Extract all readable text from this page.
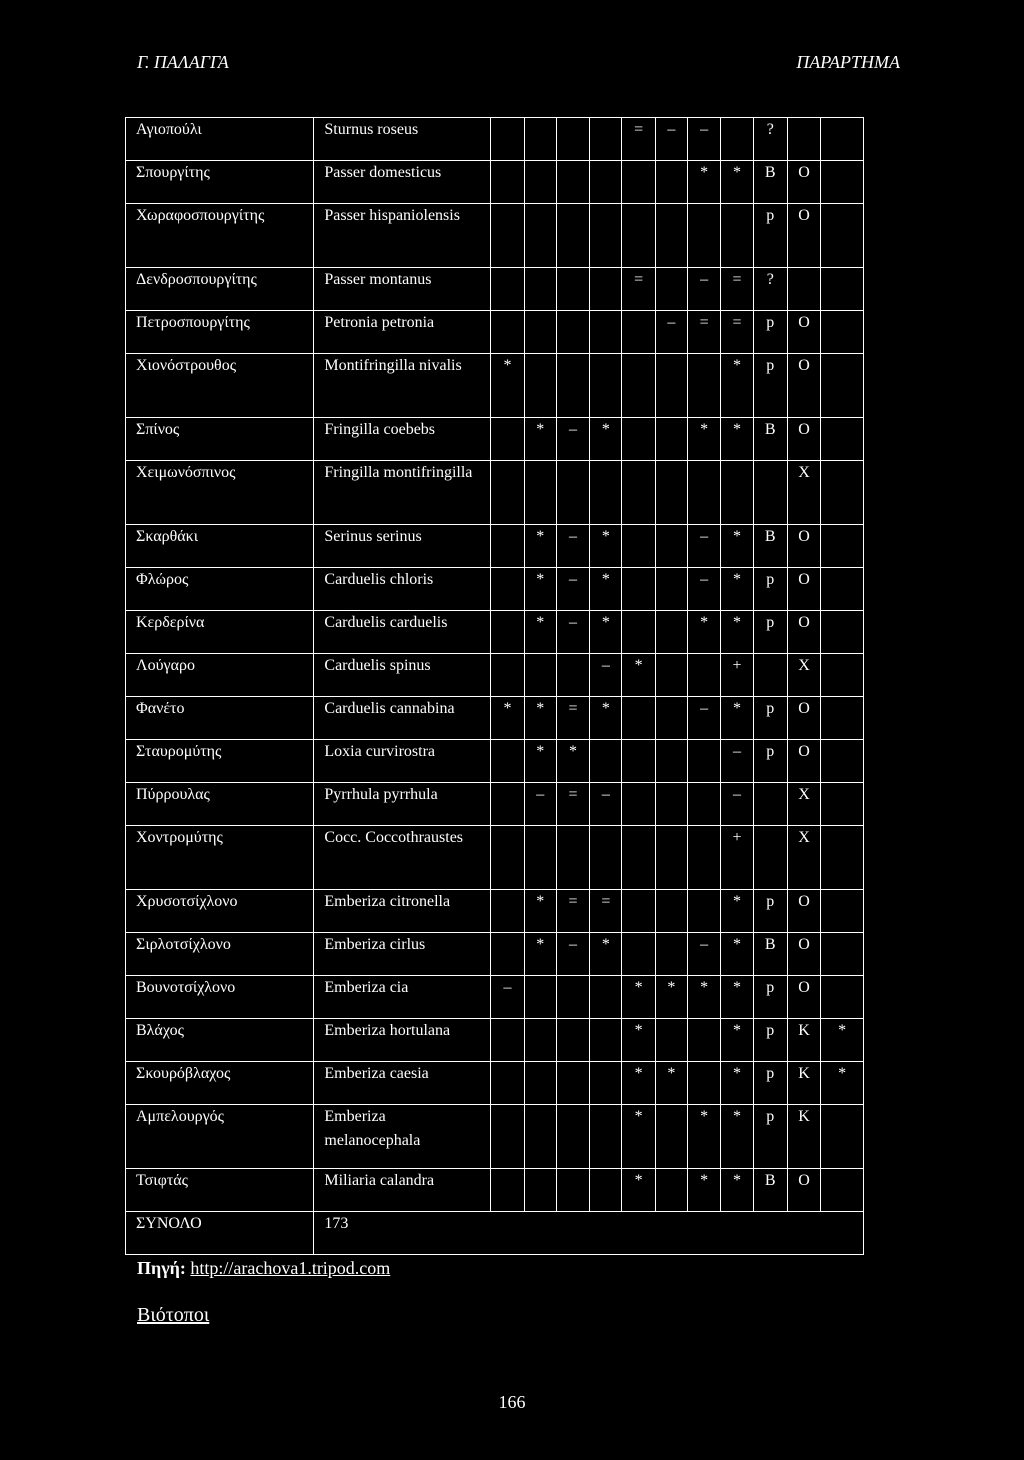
Γ. ΠΑΛΑΓΓΑ	ΠΑΡΑΡΤΗΜΑ
Αγιοπούλι	Sturnus roseus					=	–	–		?		
Σπουργίτης	Passer domesticus							*	*	B	O	
Χωραφοσπουργίτης	Passer hispaniolensis									p	O	
Δενδροσπουργίτης	Passer montanus					=		–	=	?		
Πετροσπουργίτης	Petronia petronia						–	=	=	p	O	
Χιονόστρουθος	Montifringilla nivalis	*							*	p	O	
Σπίνος	Fringilla coebebs		*	–	*			*	*	B	O	
Χειμωνόσπινος	Fringilla montifringilla										X	
Σκαρθάκι	Serinus serinus		*	–	*			–	*	B	O	
Φλώρος	Carduelis chloris		*	–	*			–	*	p	O	
Κερδερίνα	Carduelis carduelis		*	–	*			*	*	p	O	
Λούγαρο	Carduelis spinus				–	*			+		X	
Φανέτο	Carduelis cannabina	*	*	=	*			–	*	p	O	
Σταυρομύτης	Loxia curvirostra		*	*					–	p	O	
Πύρρουλας	Pyrrhula pyrrhula		–	=	–				–		X	
Χοντρομύτης	Cocc. Coccothraustes								+		X	
Χρυσοτσίχλονο	Emberiza citronella		*	=	=				*	p	O	
Σιρλοτσίχλονο	Emberiza cirlus		*	–	*			–	*	B	O	
Βουνοτσίχλονο	Emberiza cia	–				*	*	*	*	p	O	
Βλάχος	Emberiza hortulana					*			*	p	K	*
Σκουρόβλαχος	Emberiza caesia					*	*		*	p	K	*
Αμπελουργός	Emberiza melanocephala					*		*	*	p	K	
Τσιφτάς	Miliaria calandra					*		*	*	B	O	
ΣΥΝΟΛΟ	173											
Πηγή: http://arachova1.tripod.com
Βιότοποι
166
